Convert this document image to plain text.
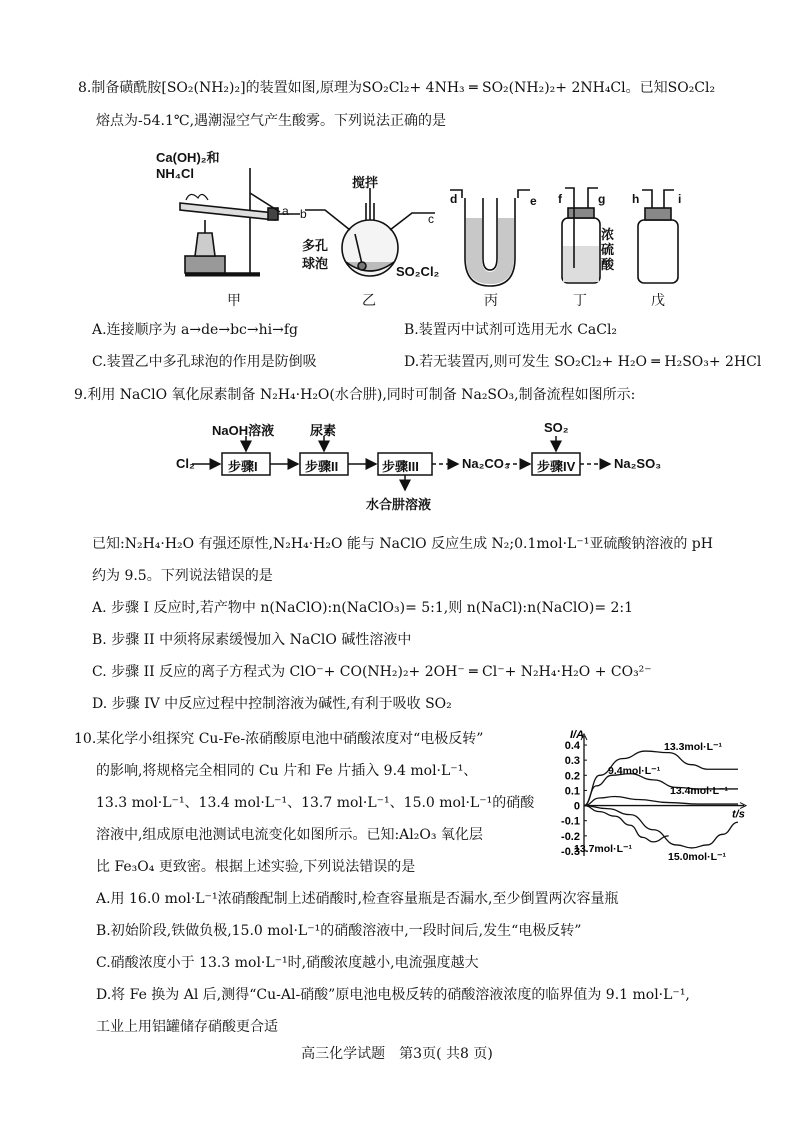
8.制备磺酰胺[SO₂(NH₂)₂]的装置如图,原理为SO₂Cl₂+ 4NH₃ ═ SO₂(NH₂)₂+ 2NH₄Cl。已知SO₂Cl₂
熔点为-54.1℃,遇潮湿空气产生酸雾。下列说法正确的是
Ca(OH)₂和
NH₄Cl
搅拌
多孔
球泡
SO₂Cl₂
浓
硫
酸
a b	c
d	e f	g h	i
甲	乙	丙	丁	戊
A.连接顺序为 a→de→bc→hi→fg	B.装置丙中试剂可选用无水 CaCl₂
C.装置乙中多孔球泡的作用是防倒吸	D.若无装置丙,则可发生 SO₂Cl₂+ H₂O ═ H₂SO₃+ 2HCl
9.利用 NaClO 氧化尿素制备 N₂H₄·H₂O(水合肼),同时可制备 Na₂SO₃,制备流程如图所示:
NaOH溶液	尿素	SO₂
Cl₂	步骤I	步骤II	步骤III	Na₂CO₃ 步骤IV	Na₂SO₃
水合肼溶液
已知:N₂H₄·H₂O 有强还原性,N₂H₄·H₂O 能与 NaClO 反应生成 N₂;0.1mol·L⁻¹亚硫酸钠溶液的 pH
约为 9.5。下列说法错误的是
A. 步骤 I 反应时,若产物中 n(NaClO):n(NaClO₃)= 5:1,则 n(NaCl):n(NaClO)= 2:1
B. 步骤 II 中须将尿素缓慢加入 NaClO 碱性溶液中
C. 步骤 II 反应的离子方程式为 ClO⁻+ CO(NH₂)₂+ 2OH⁻ ═ Cl⁻+ N₂H₄·H₂O + CO₃²⁻
D. 步骤 IV 中反应过程中控制溶液为碱性,有利于吸收 SO₂
10.某化学小组探究 Cu-Fe-浓硝酸原电池中硝酸浓度对“电极反转”
的影响,将规格完全相同的 Cu 片和 Fe 片插入 9.4 mol·L⁻¹、
13.3 mol·L⁻¹、13.4 mol·L⁻¹、13.7 mol·L⁻¹、15.0 mol·L⁻¹的硝酸
溶液中,组成原电池测试电流变化如图所示。已知:Al₂O₃ 氧化层
比 Fe₃O₄ 更致密。根据上述实验,下列说法错误的是
I/A
t/s
0.4
0.3
0.2
0.1
0
-0.1
-0.2
-0.3
13.3mol·L⁻¹
9.4mol·L⁻¹
13.4mol·L⁻¹
13.7mol·L⁻¹
15.0mol·L⁻¹
A.用 16.0 mol·L⁻¹浓硝酸配制上述硝酸时,检查容量瓶是否漏水,至少倒置两次容量瓶
B.初始阶段,铁做负极,15.0 mol·L⁻¹的硝酸溶液中,一段时间后,发生“电极反转”
C.硝酸浓度小于 13.3 mol·L⁻¹时,硝酸浓度越小,电流强度越大
D.将 Fe 换为 Al 后,测得“Cu-Al-硝酸”原电池电极反转的硝酸溶液浓度的临界值为 9.1 mol·L⁻¹,
工业上用铝罐储存硝酸更合适
高三化学试题　第3页( 共8 页)
